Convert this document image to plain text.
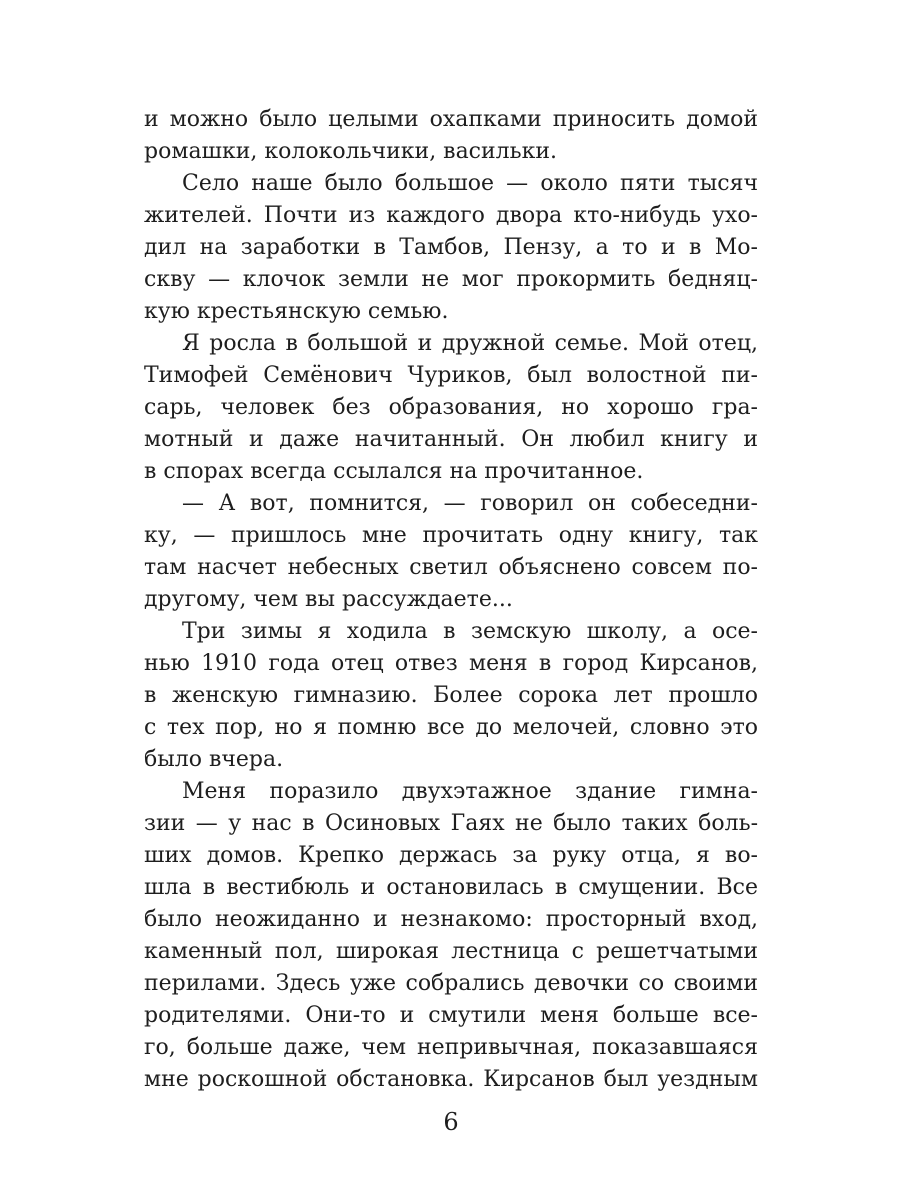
и можно было целыми охапками приносить домой
ромашки, колокольчики, васильки.
Село наше было большое — около пяти тысяч
жителей. Почти из каждого двора кто-нибудь ухо-
дил на заработки в Тамбов, Пензу, а то и в Мо-
скву — клочок земли не мог прокормить бедняц-
кую крестьянскую семью.
Я росла в большой и дружной семье. Мой отец,
Тимофей Семёнович Чуриков, был волостной пи-
сарь, человек без образования, но хорошо гра-
мотный и даже начитанный. Он любил книгу и
в спорах всегда ссылался на прочитанное.
— А вот, помнится, — говорил он собеседни-
ку, — пришлось мне прочитать одну книгу, так
там насчет небесных светил объяснено совсем по-
другому, чем вы рассуждаете...
Три зимы я ходила в земскую школу, а осе-
нью 1910 года отец отвез меня в город Кирсанов,
в женскую гимназию. Более сорока лет прошло
с тех пор, но я помню все до мелочей, словно это
было вчера.
Меня поразило двухэтажное здание гимна-
зии — у нас в Осиновых Гаях не было таких боль-
ших домов. Крепко держась за руку отца, я во-
шла в вестибюль и остановилась в смущении. Все
было неожиданно и незнакомо: просторный вход,
каменный пол, широкая лестница с решетчатыми
перилами. Здесь уже собрались девочки со своими
родителями. Они-то и смутили меня больше все-
го, больше даже, чем непривычная, показавшаяся
мне роскошной обстановка. Кирсанов был уездным
6
